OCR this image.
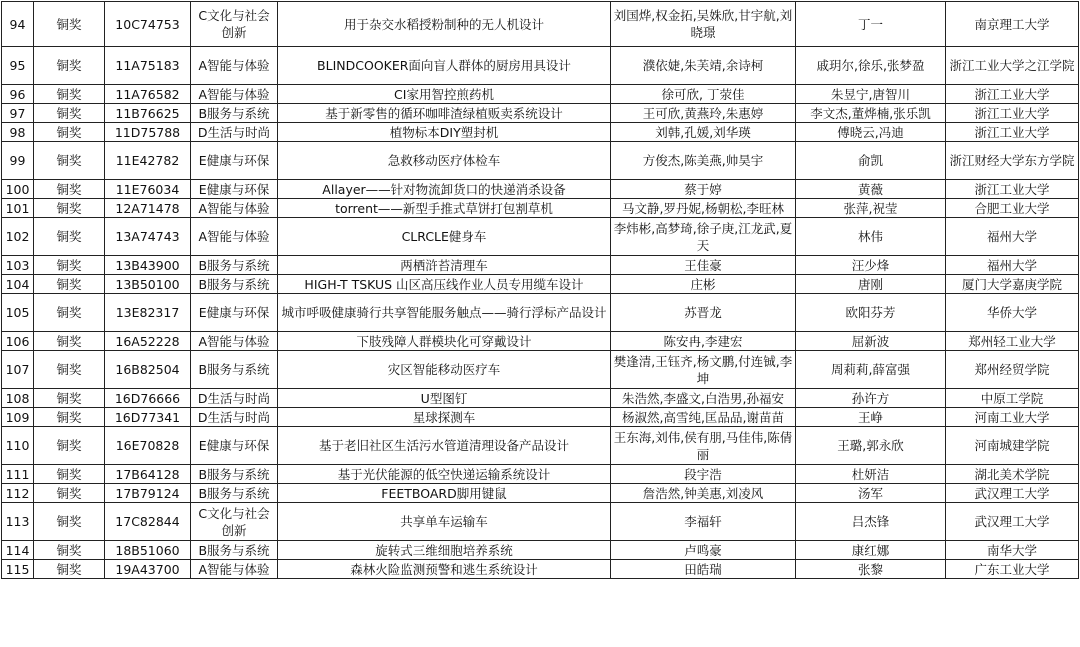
94	铜奖	10C74753	C文化与社会创新	用于杂交水稻授粉制种的无人机设计	刘国烨,权金拓,吴姝欣,甘宇航,刘晓璟	丁一	南京理工大学
95	铜奖	11A75183	A智能与体验	BLINDCOOKER面向盲人群体的厨房用具设计	濮依婕,朱芙靖,余诗柯	戚玥尔,徐乐,张梦盈	浙江工业大学之江学院
96	铜奖	11A76582	A智能与体验	CI家用智控煎药机	徐可欣, 丁荥佳	朱昱宁,唐智川	浙江工业大学
97	铜奖	11B76625	B服务与系统	基于新零售的循环咖啡渣绿植贩卖系统设计	王可欣,黄燕玲,朱惠婷	李文杰,董烨楠,张乐凯	浙江工业大学
98	铜奖	11D75788	D生活与时尚	植物标本DIY塑封机	刘韩,孔媛,刘华瑛	傅晓云,冯迪	浙江工业大学
99	铜奖	11E42782	E健康与环保	急救移动医疗体检车	方俊杰,陈美燕,帅昊宇	俞凯	浙江财经大学东方学院
100	铜奖	11E76034	E健康与环保	Allayer——针对物流卸货口的快递消杀设备	蔡于婷	黄薇	浙江工业大学
101	铜奖	12A71478	A智能与体验	torrent——新型手推式草饼打包割草机	马文静,罗丹妮,杨朝松,李旺林	张萍,祝莹	合肥工业大学
102	铜奖	13A74743	A智能与体验	CLRCLE健身车	李炜彬,高梦琦,徐子庚,江龙武,夏天	林伟	福州大学
103	铜奖	13B43900	B服务与系统	两栖浒苔清理车	王佳豪	汪少烽	福州大学
104	铜奖	13B50100	B服务与系统	HIGH-T TSKUS 山区高压线作业人员专用缆车设计	庄彬	唐刚	厦门大学嘉庚学院
105	铜奖	13E82317	E健康与环保	城市呼吸健康骑行共享智能服务触点——骑行浮标产品设计	苏晋龙	欧阳芬芳	华侨大学
106	铜奖	16A52228	A智能与体验	下肢残障人群模块化可穿戴设计	陈安冉,李建宏	屈新波	郑州轻工业大学
107	铜奖	16B82504	B服务与系统	灾区智能移动医疗车	樊逢清,王钰齐,杨文鹏,付连铖,李坤	周莉莉,薛富强	郑州经贸学院
108	铜奖	16D76666	D生活与时尚	U型图钉	朱浩然,李盛文,白浩男,孙福安	孙许方	中原工学院
109	铜奖	16D77341	D生活与时尚	星球探测车	杨淑然,高雪纯,匡品品,谢苗苗	王峥	河南工业大学
110	铜奖	16E70828	E健康与环保	基于老旧社区生活污水管道清理设备产品设计	王东海,刘伟,侯有朋,马佳伟,陈倩丽	王璐,郭永欣	河南城建学院
111	铜奖	17B64128	B服务与系统	基于光伏能源的低空快递运输系统设计	段宇浩	杜妍洁	湖北美术学院
112	铜奖	17B79124	B服务与系统	FEETBOARD脚用键鼠	詹浩然,钟美惠,刘凌风	汤军	武汉理工大学
113	铜奖	17C82844	C文化与社会创新	共享单车运输车	李福轩	吕杰锋	武汉理工大学
114	铜奖	18B51060	B服务与系统	旋转式三维细胞培养系统	卢鸣豪	康红娜	南华大学
115	铜奖	19A43700	A智能与体验	森林火险监测预警和逃生系统设计	田皓瑞	张黎	广东工业大学
